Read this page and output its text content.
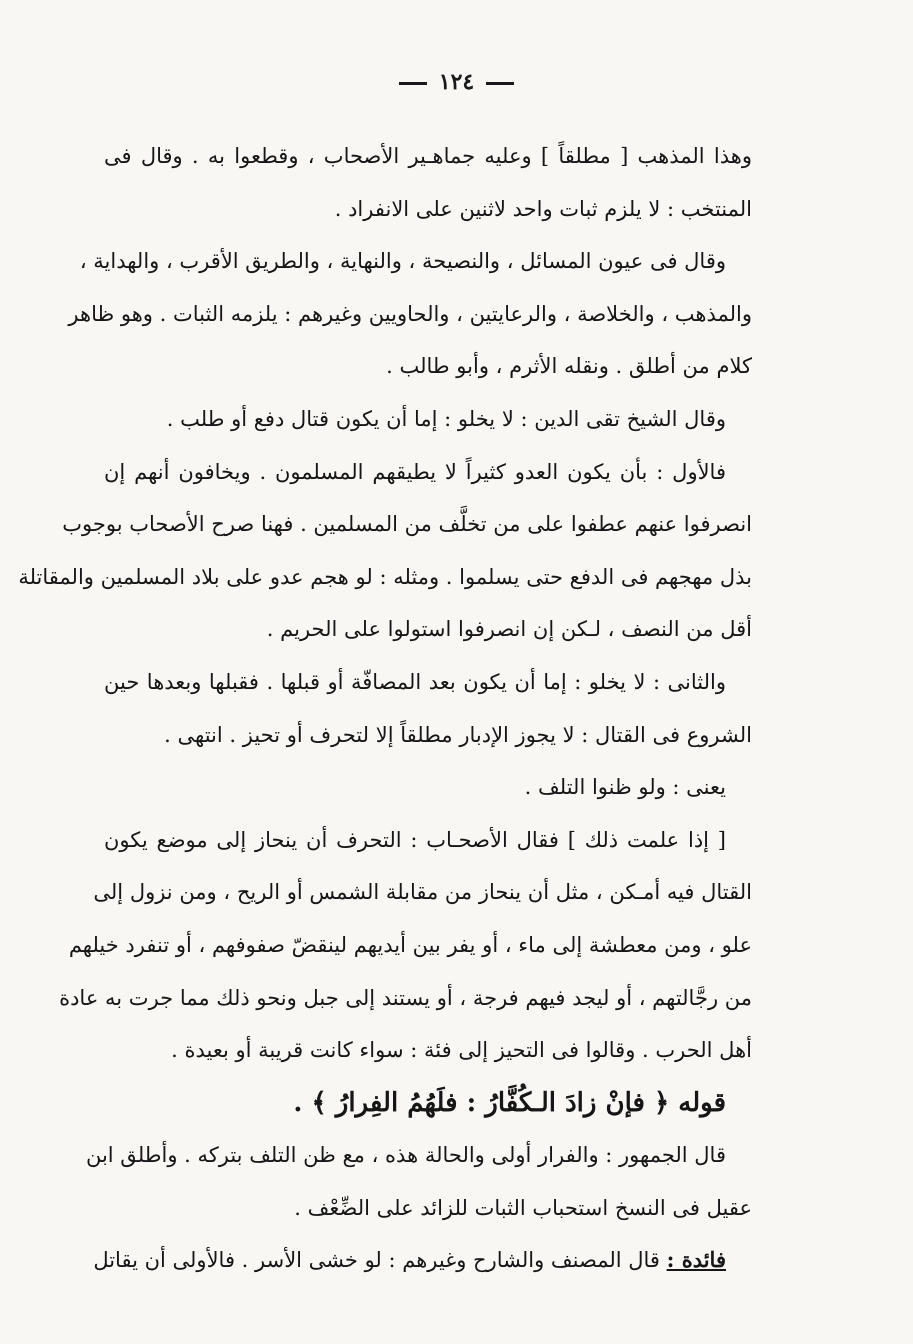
١٢٤
وهذا المذهب [ مطلقاً ] وعليه جماهـير الأصحاب ، وقطعوا به . وقال فى
المنتخب : لا يلزم ثبات واحد لاثنين على الانفراد .
وقال فى عيون المسائل ، والنصيحة ، والنهاية ، والطريق الأقرب ، والهداية ،
والمذهب ، والخلاصة ، والرعايتين ، والحاويين وغيرهم : يلزمه الثبات . وهو ظاهر
كلام من أطلق . ونقله الأثرم ، وأبو طالب .
وقال الشيخ تقى الدين : لا يخلو : إما أن يكون قتال دفع أو طلب .
فالأول : بأن يكون العدو كثيراً لا يطيقهم المسلمون . ويخافون أنهم إن
انصرفوا عنهم عطفوا على من تخلَّف من المسلمين . فهنا صرح الأصحاب بوجوب
بذل مهجهم فى الدفع حتى يسلموا . ومثله : لو هجم عدو على بلاد المسلمين والمقاتلة
أقل من النصف ، لـكن إن انصرفوا استولوا على الحريم .
والثانى : لا يخلو : إما أن يكون بعد المصافّة أو قبلها . فقبلها وبعدها حين
الشروع فى القتال : لا يجوز الإدبار مطلقاً إلا لتحرف أو تحيز . انتهى .
يعنى : ولو ظنوا التلف .
[ إذا علمت ذلك ] فقال الأصحـاب : التحرف أن ينحاز إلى موضع يكون
القتال فيه أمـكن ، مثل أن ينحاز من مقابلة الشمس أو الريح ، ومن نزول إلى
علو ، ومن معطشة إلى ماء ، أو يفر بين أيديهم لينقضّ صفوفهم ، أو تنفرد خيلهم
من رجَّالتهم ، أو ليجد فيهم فرجة ، أو يستند إلى جبل ونحو ذلك مما جرت به عادة
أهل الحرب . وقالوا فى التحيز إلى فئة : سواء كانت قريبة أو بعيدة .
قوله ﴿ فإنْ زادَ الـكُفَّارُ : فلَهُمُ الفِرارُ ﴾ .
قال الجمهور : والفرار أولى والحالة هذه ، مع ظن التلف بتركه . وأطلق ابن
عقيل فى النسخ استحباب الثبات للزائد على الضِّعْف .
فائدة : قال المصنف والشارح وغيرهم : لو خشى الأسر . فالأولى أن يقاتل
